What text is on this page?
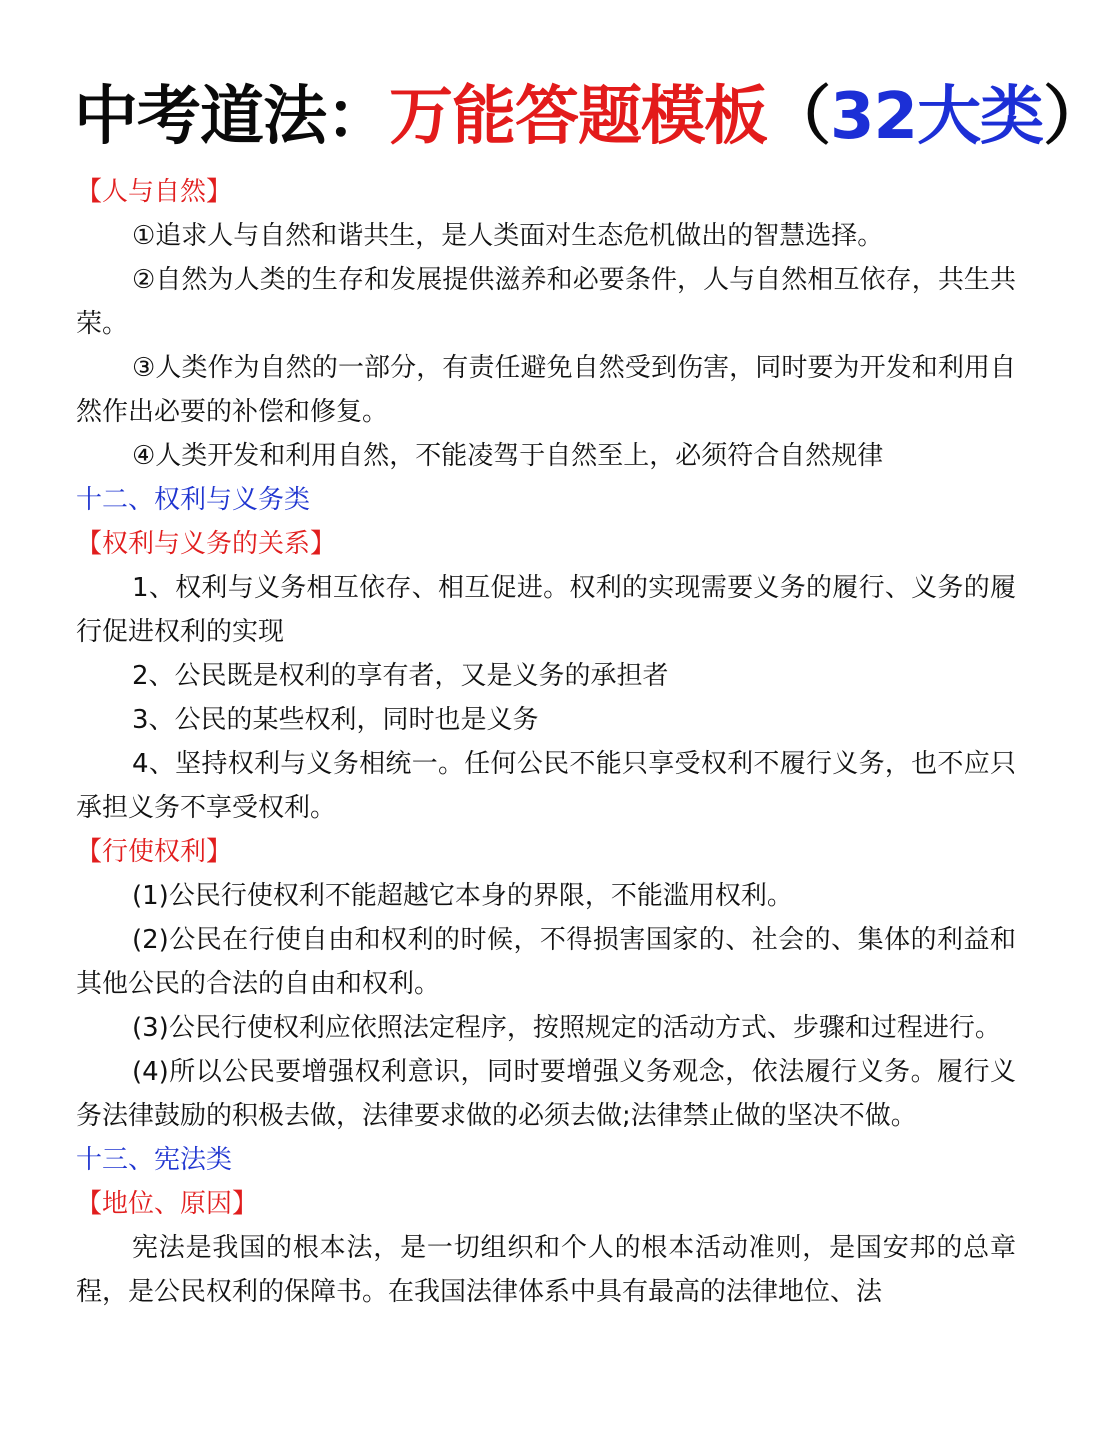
中考道法：万能答题模板（32大类）

【人与自然】

①追求人与自然和谐共生，是人类面对生态危机做出的智慧选择。

②自然为人类的生存和发展提供滋养和必要条件，人与自然相互依存，共生共荣。

③人类作为自然的一部分，有责任避免自然受到伤害，同时要为开发和利用自然作出必要的补偿和修复。

④人类开发和利用自然，不能凌驾于自然至上，必须符合自然规律

十二、权利与义务类

【权利与义务的关系】

1、权利与义务相互依存、相互促进。权利的实现需要义务的履行、义务的履行促进权利的实现

2、公民既是权利的享有者，又是义务的承担者

3、公民的某些权利，同时也是义务

4、坚持权利与义务相统一。任何公民不能只享受权利不履行义务，也不应只承担义务不享受权利。

【行使权利】

(1)公民行使权利不能超越它本身的界限，不能滥用权利。

(2)公民在行使自由和权利的时候，不得损害国家的、社会的、集体的利益和其他公民的合法的自由和权利。

(3)公民行使权利应依照法定程序，按照规定的活动方式、步骤和过程进行。

(4)所以公民要增强权利意识，同时要增强义务观念，依法履行义务。履行义务法律鼓励的积极去做，法律要求做的必须去做;法律禁止做的坚决不做。

十三、宪法类

【地位、原因】

宪法是我国的根本法，是一切组织和个人的根本活动准则，是国安邦的总章程，是公民权利的保障书。在我国法律体系中具有最高的法律地位、法
